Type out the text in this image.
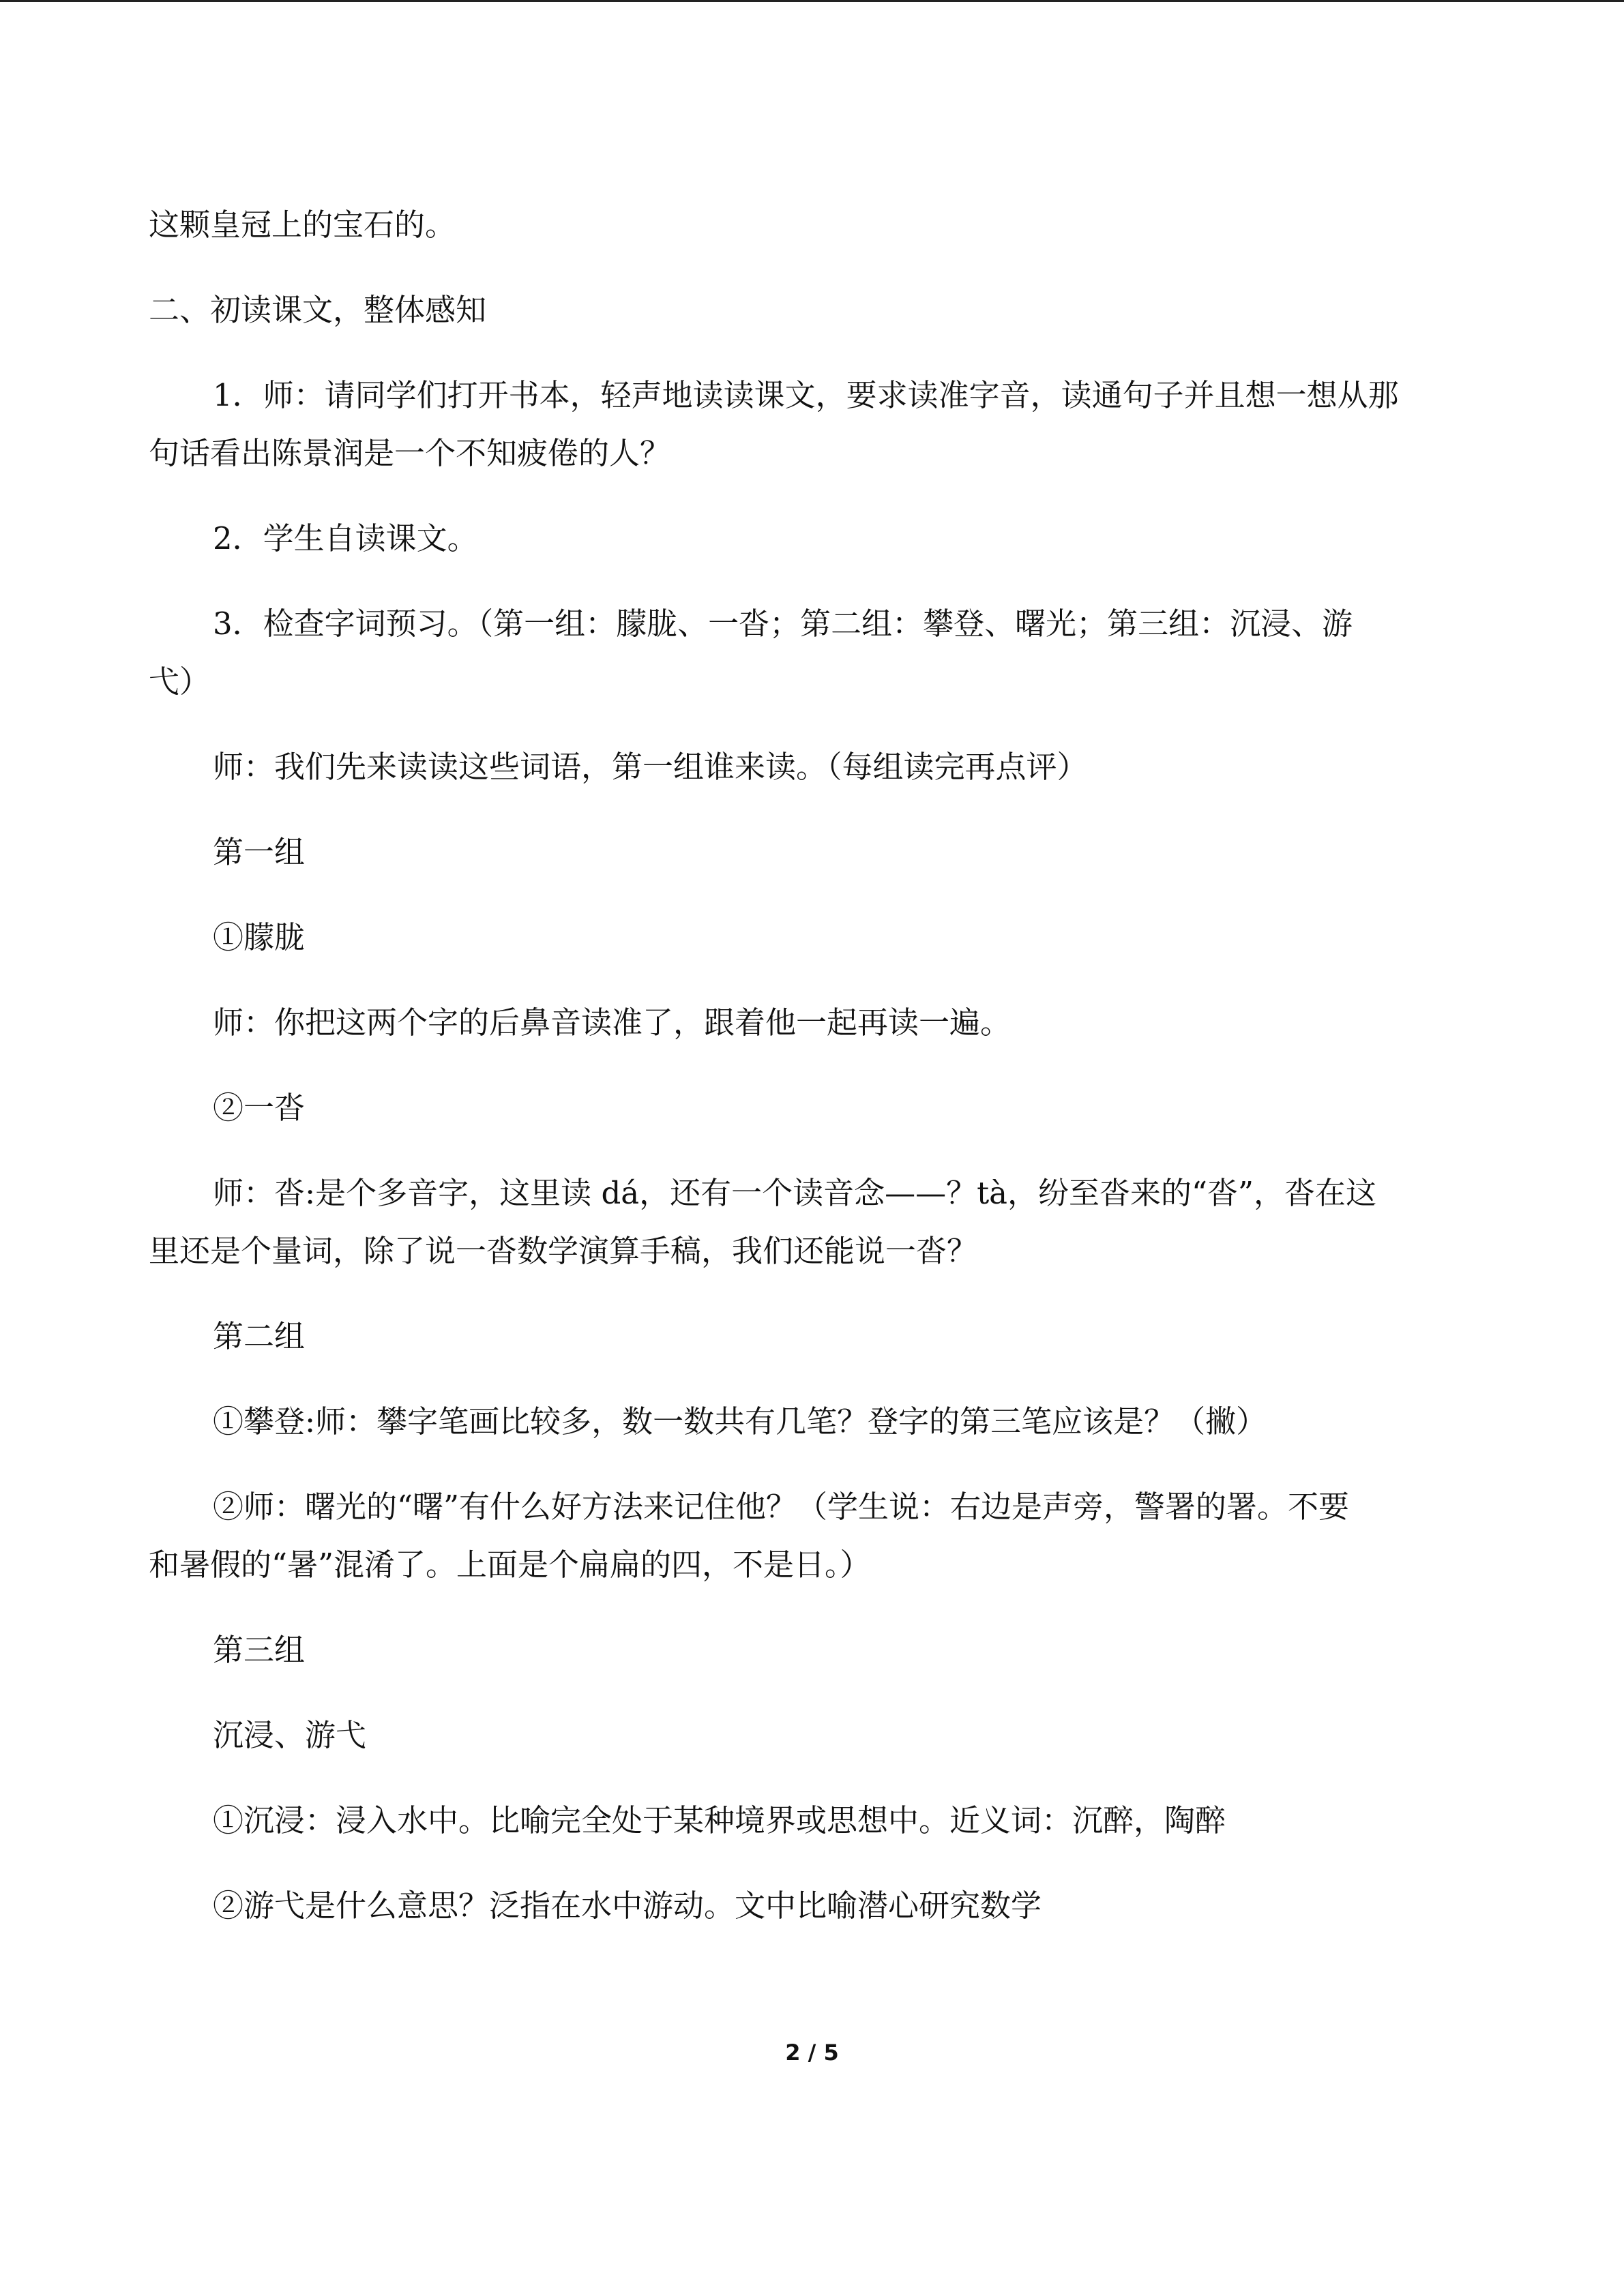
这颗皇冠上的宝石的。
二、初读课文，整体感知
1．师：请同学们打开书本，轻声地读读课文，要求读准字音，读通句子并且想一想从那
句话看出陈景润是一个不知疲倦的人？
2．学生自读课文。
3．检查字词预习。（第一组：朦胧、一沓；第二组：攀登、曙光；第三组：沉浸、游
弋）
师：我们先来读读这些词语，第一组谁来读。（每组读完再点评）
第一组
①朦胧
师：你把这两个字的后鼻音读准了，跟着他一起再读一遍。
②一沓
师：沓:是个多音字，这里读 dá，还有一个读音念——？tà，纷至沓来的“沓”，沓在这
里还是个量词，除了说一沓数学演算手稿，我们还能说一沓？
第二组
①攀登:师：攀字笔画比较多，数一数共有几笔？登字的第三笔应该是？（撇）
②师：曙光的“曙”有什么好方法来记住他？（学生说：右边是声旁，警署的署。不要
和暑假的“暑”混淆了。上面是个扁扁的四，不是日。）
第三组
沉浸、游弋
①沉浸：浸入水中。比喻完全处于某种境界或思想中。近义词：沉醉，陶醉
②游弋是什么意思？泛指在水中游动。文中比喻潜心研究数学
2 / 5
